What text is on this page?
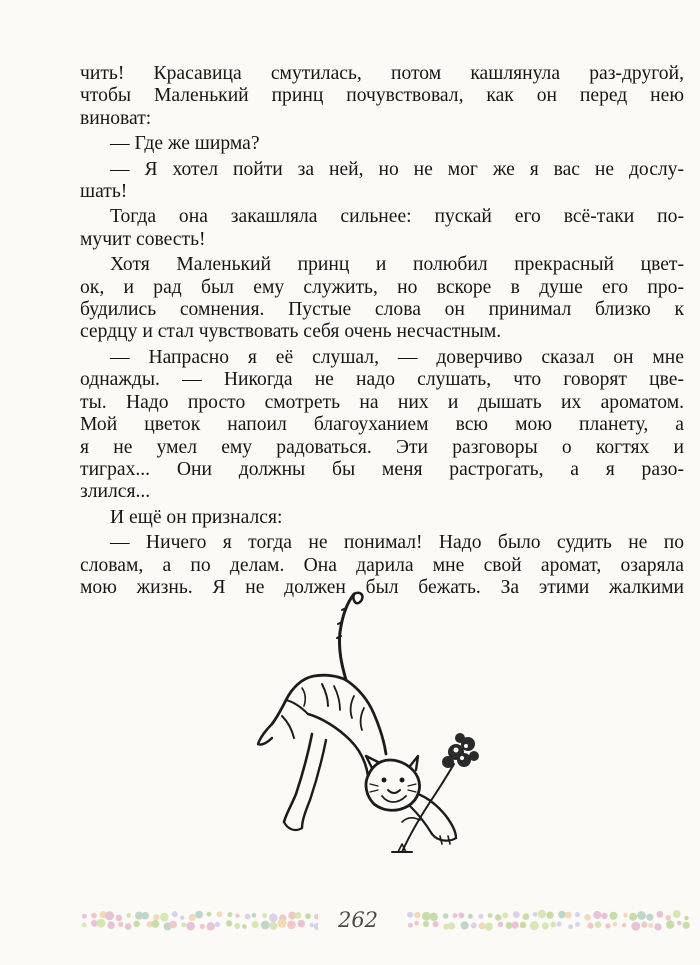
чить! Красавица смутилась, потом кашлянула раз-другой,
чтобы Маленький принц почувствовал, как он перед нею
виноват:

— Где же ширма?

— Я хотел пойти за ней, но не мог же я вас не дослу-
шать!

Тогда она закашляла сильнее: пускай его всё-таки по-
мучит совесть!

Хотя Маленький принц и полюбил прекрасный цвет-
ок, и рад был ему служить, но вскоре в душе его про-
будились сомнения. Пустые слова он принимал близко к
сердцу и стал чувствовать себя очень несчастным.

— Напрасно я её слушал, — доверчиво сказал он мне
однажды. — Никогда не надо слушать, что говорят цве-
ты. Надо просто смотреть на них и дышать их ароматом.
Мой цветок напоил благоуханием всю мою планету, а
я не умел ему радоваться. Эти разговоры о когтях и
тиграх... Они должны бы меня растрогать, а я разо-
злился...

И ещё он признался:

— Ничего я тогда не понимал! Надо было судить не по
словам, а по делам. Она дарила мне свой аромат, озаряла
мою жизнь. Я не должен был бежать. За этими жалкими

262
